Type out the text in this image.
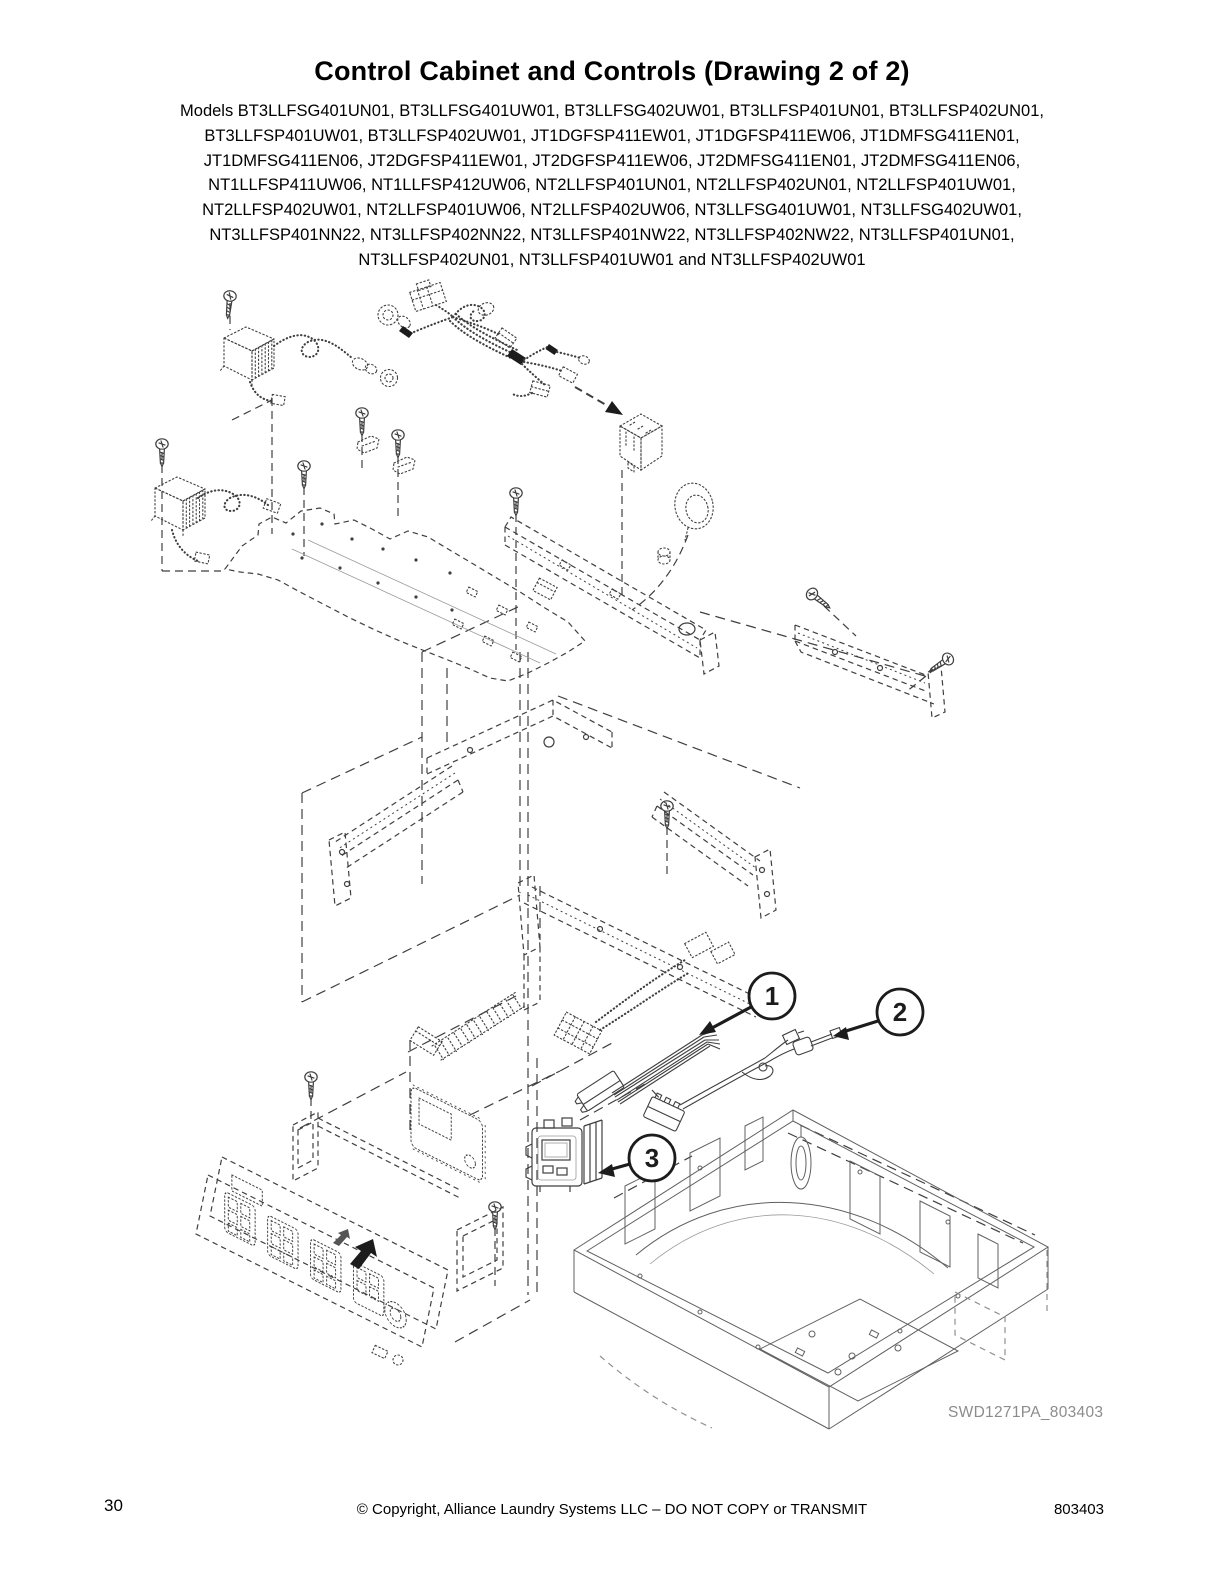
Control Cabinet and Controls (Drawing 2 of 2)
Models BT3LLFSG401UN01, BT3LLFSG401UW01, BT3LLFSG402UW01, BT3LLFSP401UN01, BT3LLFSP402UN01,
BT3LLFSP401UW01, BT3LLFSP402UW01, JT1DGFSP411EW01, JT1DGFSP411EW06, JT1DMFSG411EN01,
JT1DMFSG411EN06, JT2DGFSP411EW01, JT2DGFSP411EW06, JT2DMFSG411EN01, JT2DMFSG411EN06,
NT1LLFSP411UW06, NT1LLFSP412UW06, NT2LLFSP401UN01, NT2LLFSP402UN01, NT2LLFSP401UW01,
NT2LLFSP402UW01, NT2LLFSP401UW06, NT2LLFSP402UW06, NT3LLFSG401UW01, NT3LLFSG402UW01,
NT3LLFSP401NN22, NT3LLFSP402NN22, NT3LLFSP401NW22, NT3LLFSP402NW22, NT3LLFSP401UN01,
NT3LLFSP402UN01, NT3LLFSP401UW01 and NT3LLFSP402UW01
1
2
3
SWD1271PA_803403
30	© Copyright, Alliance Laundry Systems LLC – DO NOT COPY or TRANSMIT	803403
